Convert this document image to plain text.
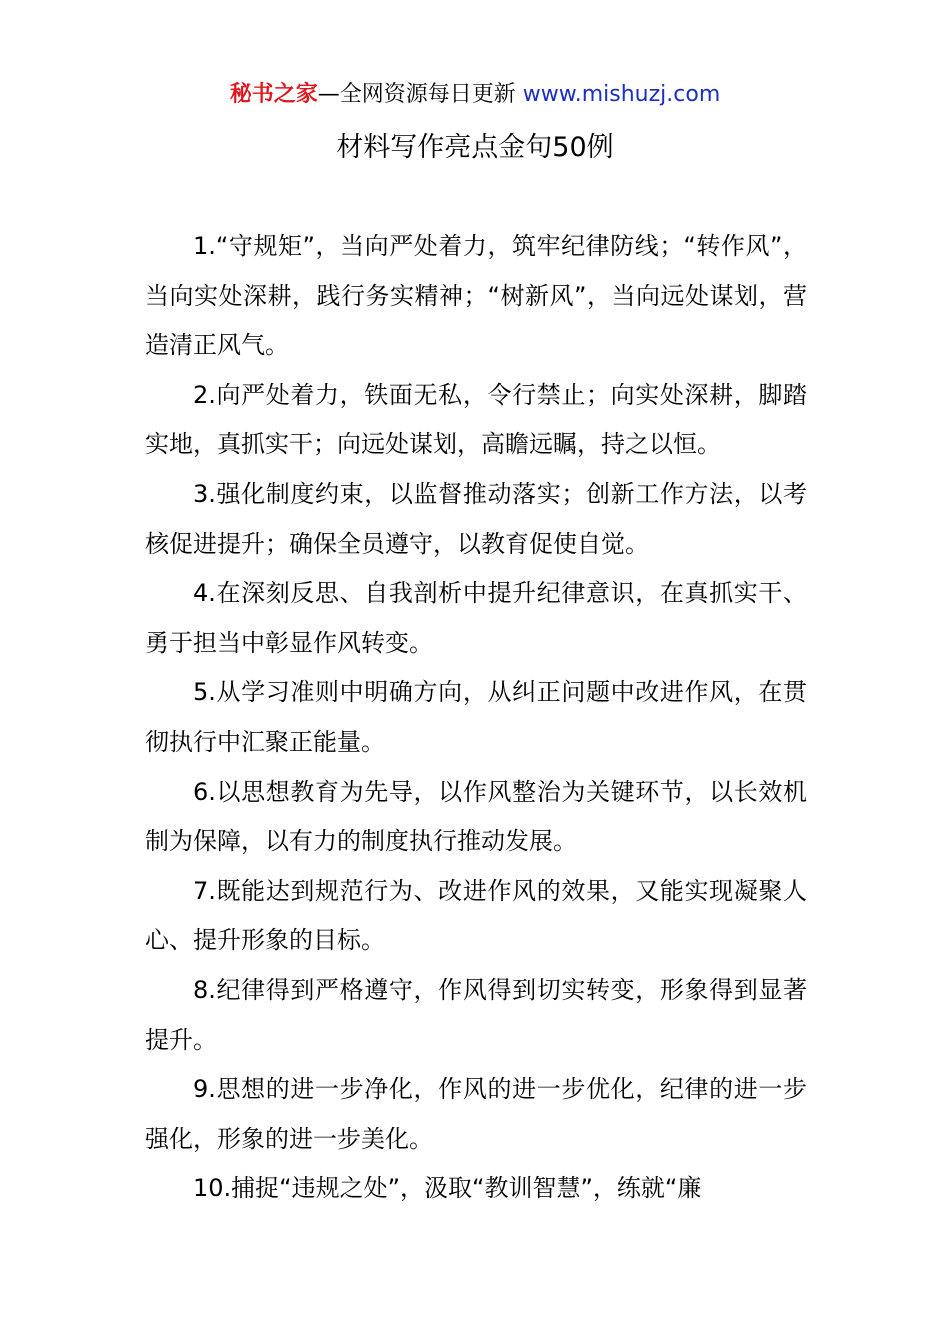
秘书之家—全网资源每日更新 www.mishuzj.com
材料写作亮点金句50例

1.“守规矩”，当向严处着力，筑牢纪律防线；“转作风”，当向实处深耕，践行务实精神；“树新风”，当向远处谋划，营造清正风气。

2.向严处着力，铁面无私，令行禁止；向实处深耕，脚踏实地，真抓实干；向远处谋划，高瞻远瞩，持之以恒。

3.强化制度约束，以监督推动落实；创新工作方法，以考核促进提升；确保全员遵守，以教育促使自觉。

4.在深刻反思、自我剖析中提升纪律意识，在真抓实干、勇于担当中彰显作风转变。

5.从学习准则中明确方向，从纠正问题中改进作风，在贯彻执行中汇聚正能量。

6.以思想教育为先导，以作风整治为关键环节，以长效机制为保障，以有力的制度执行推动发展。

7.既能达到规范行为、改进作风的效果，又能实现凝聚人心、提升形象的目标。

8.纪律得到严格遵守，作风得到切实转变，形象得到显著提升。

9.思想的进一步净化，作风的进一步优化，纪律的进一步强化，形象的进一步美化。

10.捕捉“违规之处”，汲取“教训智慧”，练就“廉
